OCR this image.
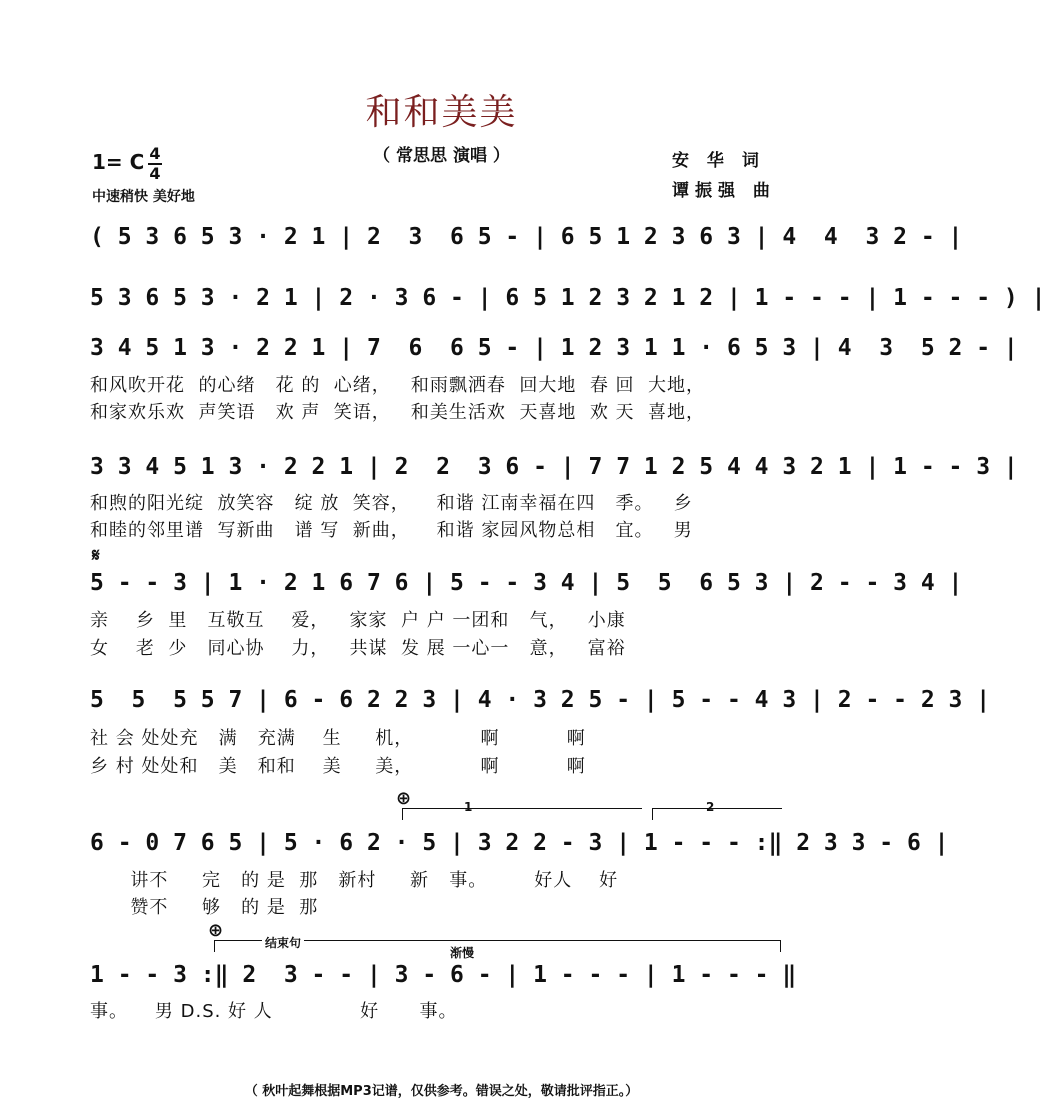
和和美美
（ 常思思 演唱 ）	安 华 词
谭振强 曲
1= C 4
4
中速稍快 美好地
( 5 3 6 5 3 · 2 1 | 2  3  6 5 - | 6 5 1 2 3 6 3 | 4  4  3 2 - |
5 3 6 5 3 · 2 1 | 2 · 3 6 - | 6 5 1 2 3 2 1 2 | 1 - - - | 1 - - - ) |
3 4 5 1 3 · 2 2 1 | 7  6  6 5 - | 1 2 3 1 1 · 6 5 3 | 4  3  5 2 - |
和风吹开花  的心绪   花 的  心绪，   和雨飘洒春  回大地  春 回  大地，
和家欢乐欢  声笑语   欢 声  笑语，   和美生活欢  天喜地  欢 天  喜地，
3 3 4 5 1 3 · 2 2 1 | 2  2  3 6 - | 7 7 1 2 5 4 4 3 2 1 | 1 - - 3 |
和煦的阳光绽  放笑容   绽 放  笑容，    和谐 江南幸福在四   季。   乡
和睦的邻里谱  写新曲   谱 写  新曲，    和谐 家园风物总相   宜。   男
𝄋
5 - - 3 | 1 · 2 1 6 7 6 | 5 - - 3 4 | 5  5  6 5 3 | 2 - - 3 4 |
亲    乡  里   互敬互    爱，   家家  户 户 一团和   气，   小康
女    老  少   同心协    力，   共谋  发 展 一心一   意，   富裕
5  5  5 5 7 | 6 - 6 2 2 3 | 4 · 3 2 5 - | 5 - - 4 3 | 2 - - 2 3 |
社 会 处处充   满   充满    生     机，          啊          啊
乡 村 处处和   美   和和    美     美，          啊          啊
⊕	1	2
6 - 0 7 6 5 | 5 · 6 2 · 5 | 3 2 2 - 3 | 1 - - - :‖ 2 3 3 - 6 |
讲不     完   的 是  那   新村     新   事。       好人    好
赞不     够   的 是  那
⊕
结束句
渐慢
1 - - 3 :‖ 2  3 - - | 3 - 6 - | 1 - - - | 1 - - - ‖
事。    男 D.S. 好 人             好      事。
（ 秋叶起舞根据MP3记谱，仅供参考。错误之处，敬请批评指正。）
